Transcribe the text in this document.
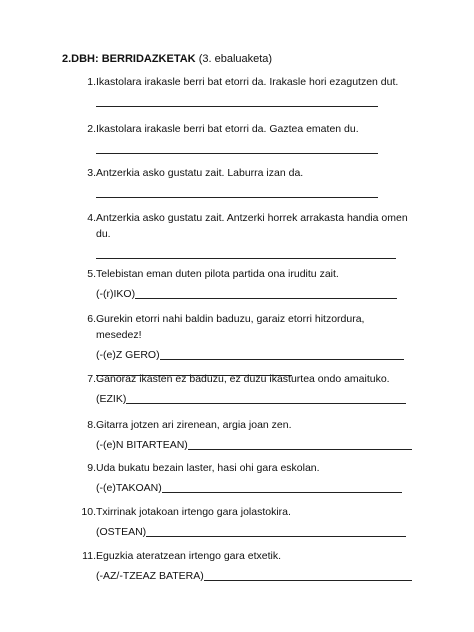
2.DBH: BERRIDAZKETAK (3. ebaluaketa)
1. Ikastolara irakasle berri bat etorri da. Irakasle hori ezagutzen dut.
2. Ikastolara irakasle berri bat etorri da. Gaztea ematen du.
3. Antzerkia asko gustatu zait. Laburra izan da.
4. Antzerkia asko gustatu zait. Antzerki horrek arrakasta handia omen
du.
5. Telebistan eman duten pilota partida ona iruditu zait.
(-(r)IKO)
6. Gurekin etorri nahi baldin baduzu, garaiz etorri hitzordura,
mesedez!
(-(e)Z GERO)
7. Ganoraz ikasten ez baduzu, ez duzu ikasturtea ondo amaituko.
(EZIK)
8. Gitarra jotzen ari zirenean, argia joan zen.
(-(e)N BITARTEAN)
9. Uda bukatu bezain laster, hasi ohi gara eskolan.
(-(e)TAKOAN)
10. Txirrinak jotakoan irtengo gara jolastokira.
(OSTEAN)
11. Eguzkia ateratzean irtengo gara etxetik.
(-AZ/-TZEAZ BATERA)
